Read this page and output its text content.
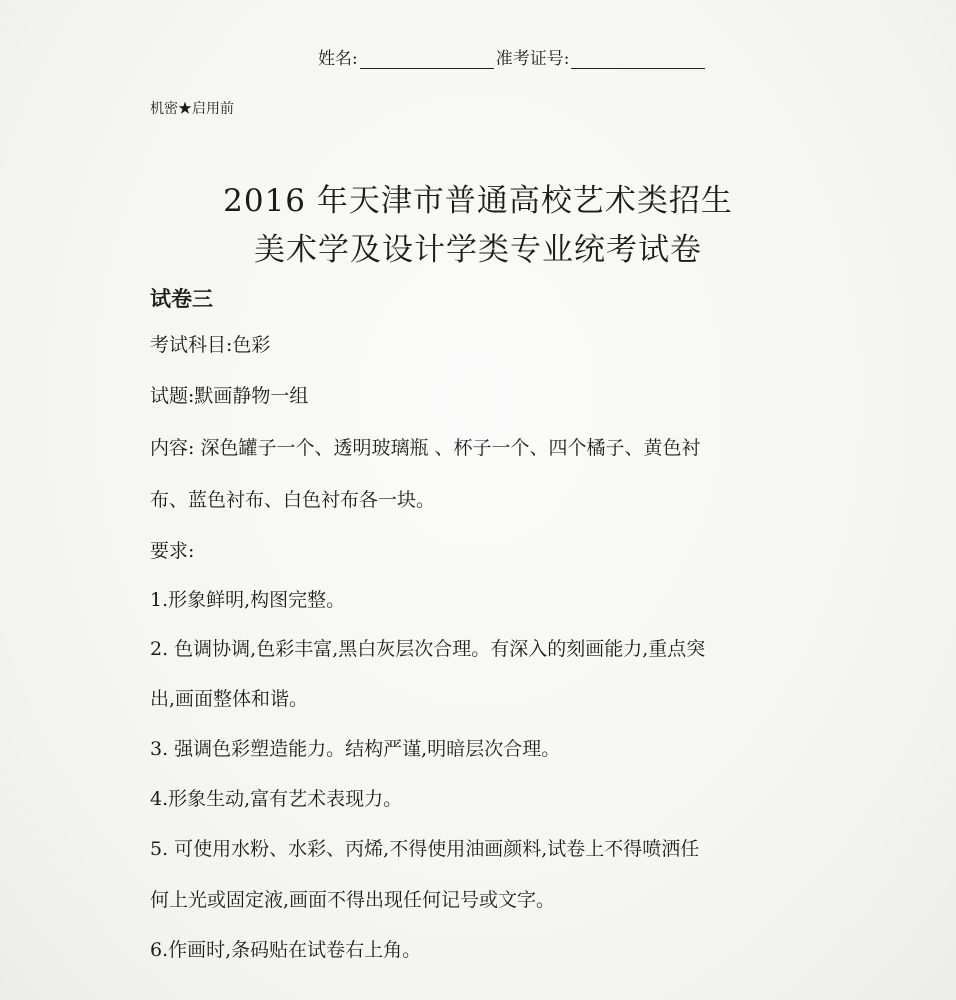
姓名:	准考证号:
机密★启用前
2016 年天津市普通高校艺术类招生
美术学及设计学类专业统考试卷
试卷三
考试科目:色彩
试题:默画静物一组
内容: 深色罐子一个、透明玻璃瓶 、杯子一个、四个橘子、黄色衬
布、蓝色衬布、白色衬布各一块。
要求:
1.形象鲜明,构图完整。
2. 色调协调,色彩丰富,黑白灰层次合理。有深入的刻画能力,重点突
出,画面整体和谐。
3. 强调色彩塑造能力。结构严谨,明暗层次合理。
4.形象生动,富有艺术表现力。
5. 可使用水粉、水彩、丙烯,不得使用油画颜料,试卷上不得喷洒任
何上光或固定液,画面不得出现任何记号或文字。
6.作画时,条码贴在试卷右上角。
